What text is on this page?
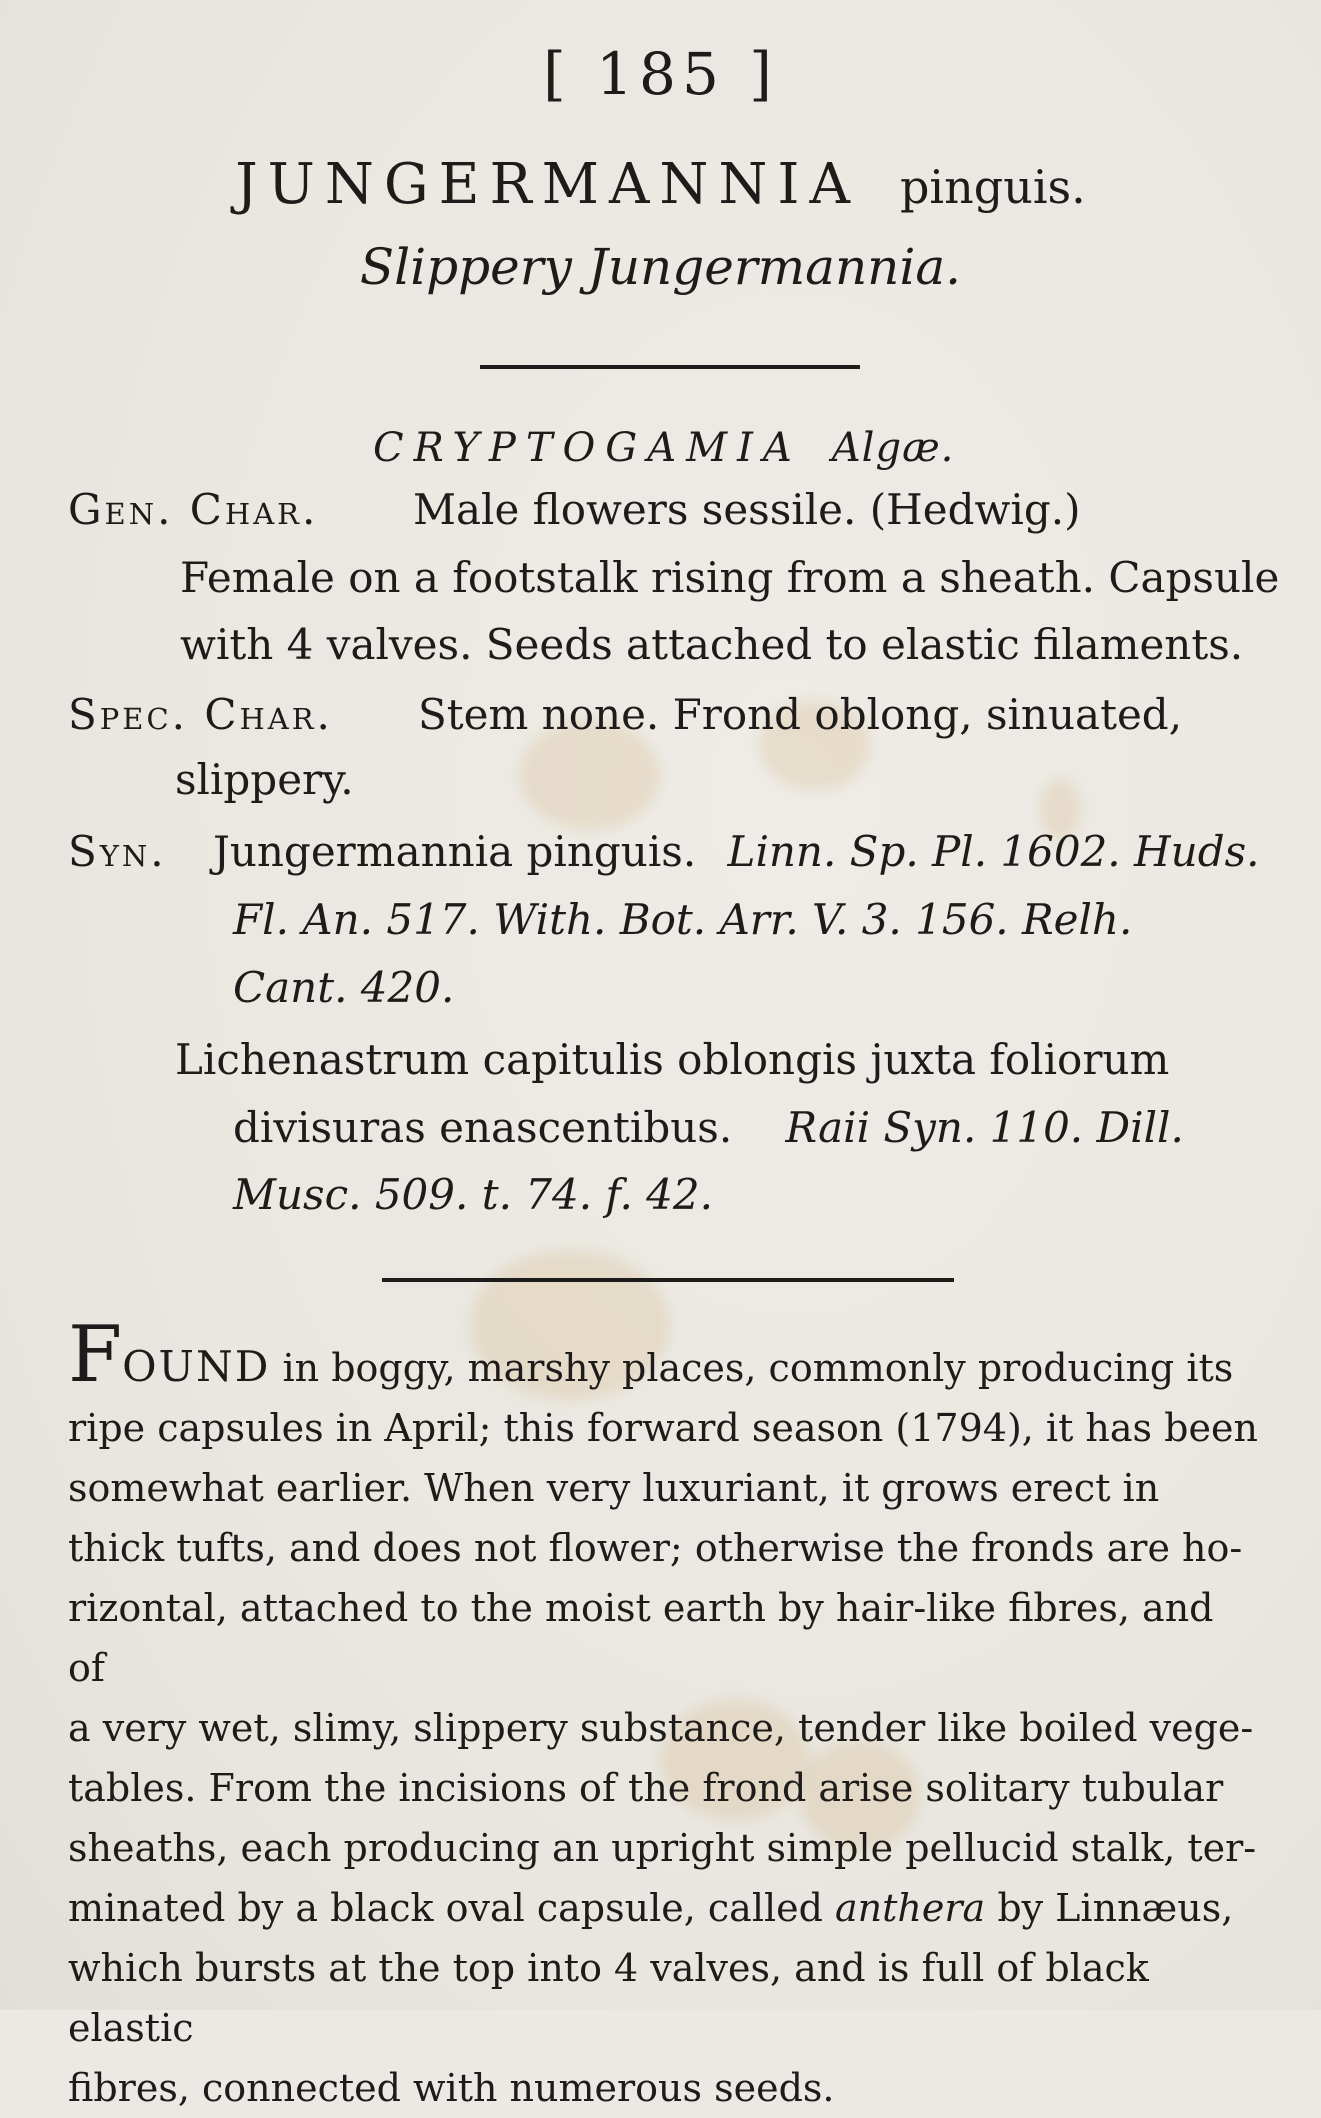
[ 185 ]
JUNGERMANNIA pinguis.
Slippery Jungermannia.
CRYPTOGAMIA Algæ.
Gen. Char. Male flowers sessile. (Hedwig.)
Female on a footstalk rising from a sheath. Capsule
with 4 valves. Seeds attached to elastic filaments.
Spec. Char. Stem none. Frond oblong, sinuated,
slippery.
Syn. Jungermannia pinguis. Linn. Sp. Pl. 1602. Huds.
Fl. An. 517. With. Bot. Arr. V. 3. 156. Relh.
Cant. 420.
Lichenastrum capitulis oblongis juxta foliorum
divisuras enascentibus. Raii Syn. 110. Dill.
Musc. 509. t. 74. f. 42.
FOUND in boggy, marshy places, commonly producing its
ripe capsules in April; this forward season (1794), it has been
somewhat earlier. When very luxuriant, it grows erect in
thick tufts, and does not flower; otherwise the fronds are ho-
rizontal, attached to the moist earth by hair-like fibres, and of
a very wet, slimy, slippery substance, tender like boiled vege-
tables. From the incisions of the frond arise solitary tubular
sheaths, each producing an upright simple pellucid stalk, ter-
minated by a black oval capsule, called anthera by Linnæus,
which bursts at the top into 4 valves, and is full of black elastic
fibres, connected with numerous seeds.
